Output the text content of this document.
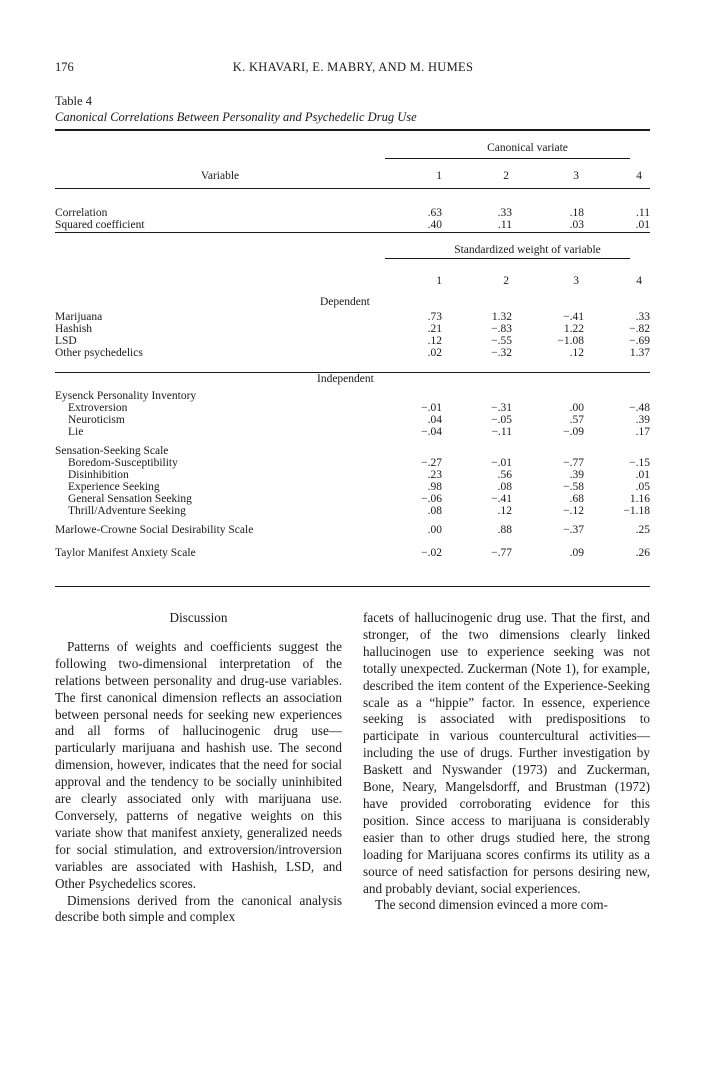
176	K. KHAVARI, E. MABRY, AND M. HUMES
Table 4
Canonical Correlations Between Personality and Psychedelic Drug Use
	Canonical variate			
Variable	1	2	3	4

Correlation	.63	.33	.18	.11
Squared coefficient	.40	.11	.03	.01
	Standardized weight of variable			
	1	2	3	4
Dependent				
Marijuana	.73	1.32	−.41	.33
Hashish	.21	−.83	1.22	−.82
LSD	.12	−.55	−1.08	−.69
Other psychedelics	.02	−.32	.12	1.37
Independent				
Eysenck Personality Inventory				
Extroversion	−.01	−.31	.00	−.48
Neuroticism	.04	−.05	.57	.39
Lie	−.04	−.11	−.09	.17
Sensation-Seeking Scale				
Boredom-Susceptibility	−.27	−.01	−.77	−.15
Disinhibition	.23	.56	.39	.01
Experience Seeking	.98	.08	−.58	.05
General Sensation Seeking	−.06	−.41	.68	1.16
Thrill/Adventure Seeking	.08	.12	−.12	−1.18
Marlowe-Crowne Social Desirability Scale	.00	.88	−.37	.25
Taylor Manifest Anxiety Scale	−.02	−.77	.09	.26

Discussion

Patterns of weights and coefficients suggest the following two-dimensional interpretation of the relations between personality and drug-use variables. The first canonical dimension reflects an association between personal needs for seeking new experiences and all forms of hallucinogenic drug use—particularly marijuana and hashish use. The second dimension, however, indicates that the need for social approval and the tendency to be socially uninhibited are clearly associated only with marijuana use. Conversely, patterns of negative weights on this variate show that manifest anxiety, generalized needs for social stimulation, and extroversion/introversion variables are associated with Hashish, LSD, and Other Psychedelics scores.

Dimensions derived from the canonical analysis describe both simple and complex

facets of hallucinogenic drug use. That the first, and stronger, of the two dimensions clearly linked hallucinogen use to experience seeking was not totally unexpected. Zuckerman (Note 1), for example, described the item content of the Experience-Seeking scale as a “hippie” factor. In essence, experience seeking is associated with predispositions to participate in various countercultural activities—including the use of drugs. Further investigation by Baskett and Nyswander (1973) and Zuckerman, Bone, Neary, Mangelsdorff, and Brustman (1972) have provided corroborating evidence for this position. Since access to marijuana is considerably easier than to other drugs studied here, the strong loading for Marijuana scores confirms its utility as a source of need satisfaction for persons desiring new, and probably deviant, social experiences.

The second dimension evinced a more com-
